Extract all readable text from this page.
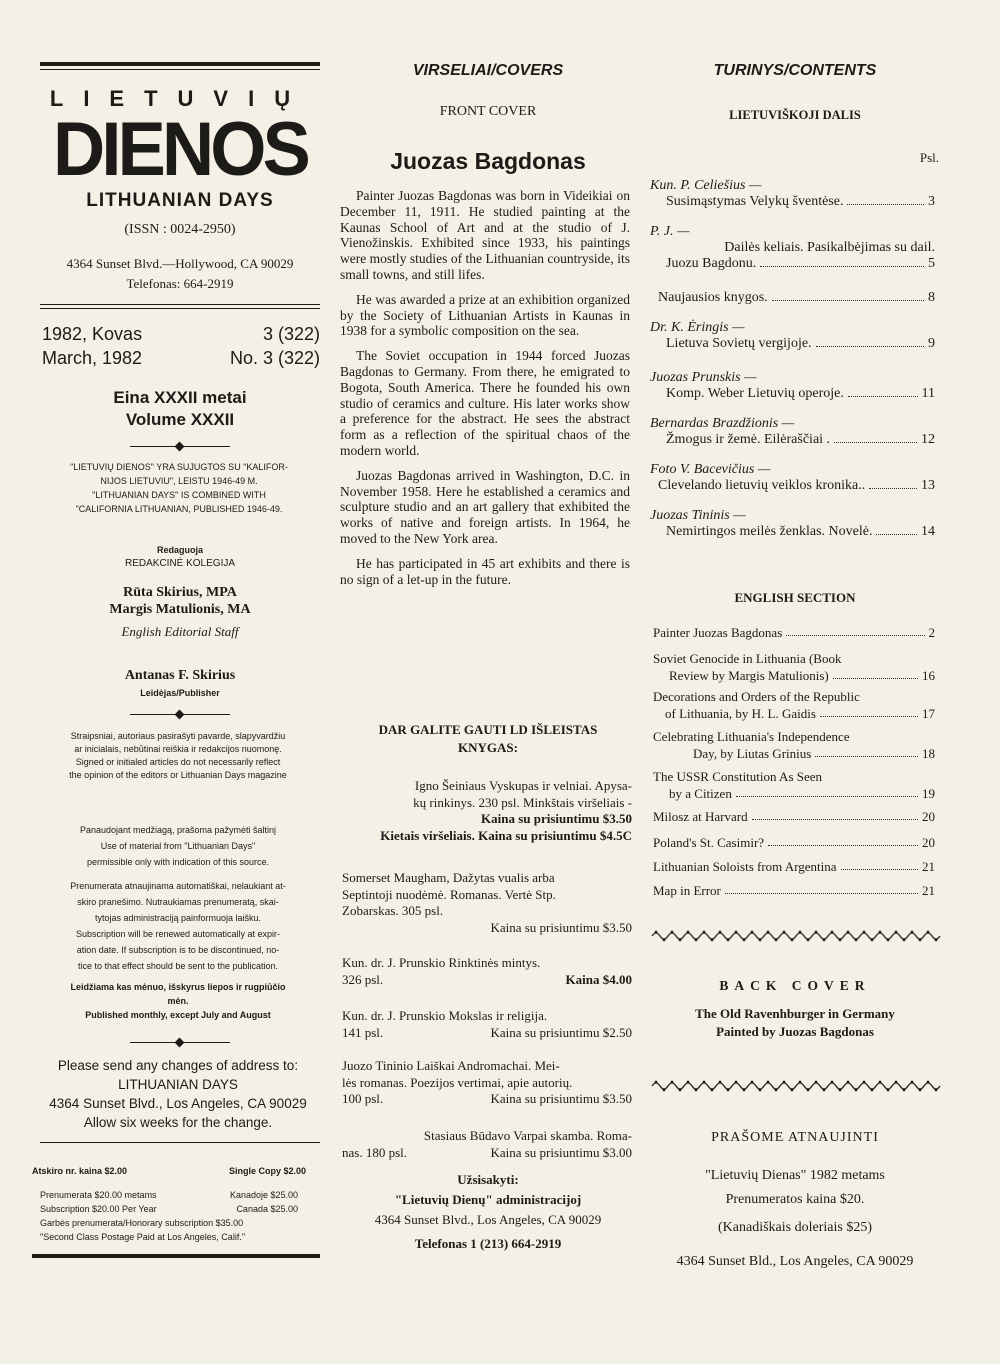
LIETUVIŲ
DIENOS
LITHUANIAN DAYS
(ISSN : 0024-2950)
4364 Sunset Blvd.—Hollywood, CA 90029
Telefonas: 664-2919
1982, Kovas	3 (322)
March, 1982	No. 3 (322)
Eina XXXII metai
Volume XXXII
"LIETUVIŲ DIENOS" YRA SUJUGTOS SU "KALIFOR-
NIJOS LIETUVIU", LEISTU 1946-49 M.
"LITHUANIAN DAYS" IS COMBINED WITH
"CALIFORNIA LITHUANIAN, PUBLISHED 1946-49.
Redaguoja
REDAKCINĖ KOLEGIJA
Rūta Skirius, MPA
Margis Matulionis, MA
English Editorial Staff
Antanas F. Skirius
Leidėjas/Publisher
Straipsniai, autoriaus pasirašyti pavarde, slapyvardžiu
ar inicialais, nebūtinai reiškia ir redakcijos nuomonę.
Signed or initialed articles do not necessarily reflect
the opinion of the editors or Lithuanian Days magazine
Panaudojant medžiagą, prašoma pažymėti šaltinį
Use of material from "Lithuanian Days"
permissible only with indication of this source.
Prenumerata atnaujinama automatiškai, nelaukiant at-
skiro pranešimo. Nutraukiamas prenumeratą, skai-
tytojas administraciją painformuoja laišku.
Subscription will be renewed automatically at expir-
ation date. If subscription is to be discontinued, no-
tice to that effect should be sent to the publication.
Leidžiama kas mėnuo, išskyrus liepos ir rugpiūčio
mėn.
Published monthly, except July and August
Please send any changes of address to:
LITHUANIAN DAYS
4364 Sunset Blvd., Los Angeles, CA 90029
Allow six weeks for the change.
Atskiro nr. kaina $2.00	Single Copy $2.00
Prenumerata $20.00 metams	Kanadoje $25.00
Subscription $20.00 Per Year	Canada $25.00
Garbės prenumerata/Honorary subscription $35.00
"Second Class Postage Paid at Los Angeles, Calif."
VIRSELIAI/COVERS
FRONT COVER
Juozas Bagdonas

Painter Juozas Bagdonas was born in Videikiai on December 11, 1911. He studied painting at the Kaunas School of Art and at the studio of J. Vienožinskis. Exhibited since 1933, his paintings were mostly studies of the Lithuanian countryside, its small towns, and still lifes.

He was awarded a prize at an exhibition organized by the Society of Lithuanian Artists in Kaunas in 1938 for a symbolic composition on the sea.

The Soviet occupation in 1944 forced Juozas Bagdonas to Germany. From there, he emigrated to Bogota, South America. There he founded his own studio of ceramics and culture. His later works show a preference for the abstract. He sees the abstract form as a reflection of the spiritual chaos of the modern world.

Juozas Bagdonas arrived in Washington, D.C. in November 1958. Here he established a ceramics and sculpture studio and an art gallery that exhibited the works of native and foreign artists. In 1964, he moved to the New York area.

He has participated in 45 art exhibits and there is no sign of a let-up in the future.

DAR GALITE GAUTI LD IŠLEISTAS
KNYGAS:
Igno Šeiniaus Vyskupas ir velniai. Apysa-
kų rinkinys. 230 psl. Minkštais viršeliais -
Kaina su prisiuntimu $3.50
Kietais viršeliais. Kaina su prisiuntimu $4.5C
Somerset Maugham, Dažytas vualis arba
Septintoji nuodėmė. Romanas. Vertė Stp.
Zobarskas. 305 psl.
Kaina su prisiuntimu $3.50
Kun. dr. J. Prunskio Rinktinės mintys.
326 psl.	Kaina $4.00
Kun. dr. J. Prunskio Mokslas ir religija.
141 psl.	Kaina su prisiuntimu $2.50
Juozo Tininio Laiškai Andromachai. Mei-
lės romanas. Poezijos vertimai, apie autorių.
100 psl.	Kaina su prisiuntimu $3.50
Stasiaus Būdavo Varpai skamba. Roma-
nas. 180 psl.	Kaina su prisiuntimu $3.00
Užsisakyti:
"Lietuvių Dienų" administracijoj
4364 Sunset Blvd., Los Angeles, CA 90029
Telefonas 1 (213) 664-2919
TURINYS/CONTENTS
LIETUVIŠKOJI DALIS
Psl.
Kun. P. Celiešius —
Susimąstymas Velykų šventėse.	3
P. J. —
Dailės keliais. Pasikalbėjimas su dail.
Juozu Bagdonu.	5
Naujausios knygos.	8
Dr. K. Ėringis —
Lietuva Sovietų vergijoje.	9
Juozas Prunskis —
Komp. Weber Lietuvių operoje.	11
Bernardas Brazdžionis —
Žmogus ir žemė. Eilėraščiai .	12
Foto V. Bacevičius —
Clevelando lietuvių veiklos kronika..	13
Juozas Tininis —
Nemirtingos meilės ženklas. Novelė.	14
ENGLISH SECTION
Painter Juozas Bagdonas	2
Soviet Genocide in Lithuania (Book
Review by Margis Matulionis)	16
Decorations and Orders of the Republic
of Lithuania, by H. L. Gaidis	17
Celebrating Lithuania's Independence
Day, by Liutas Grinius	18
The USSR Constitution As Seen
by a Citizen	19
Milosz at Harvard	20
Poland's St. Casimir?	20
Lithuanian Soloists from Argentina	21
Map in Error	21
BACK COVER
The Old Ravenhburger in Germany
Painted by Juozas Bagdonas
PRAŠOME ATNAUJINTI
"Lietuvių Dienas" 1982 metams
Prenumeratos kaina $20.
(Kanadiškais doleriais $25)
4364 Sunset Bld., Los Angeles, CA 90029
